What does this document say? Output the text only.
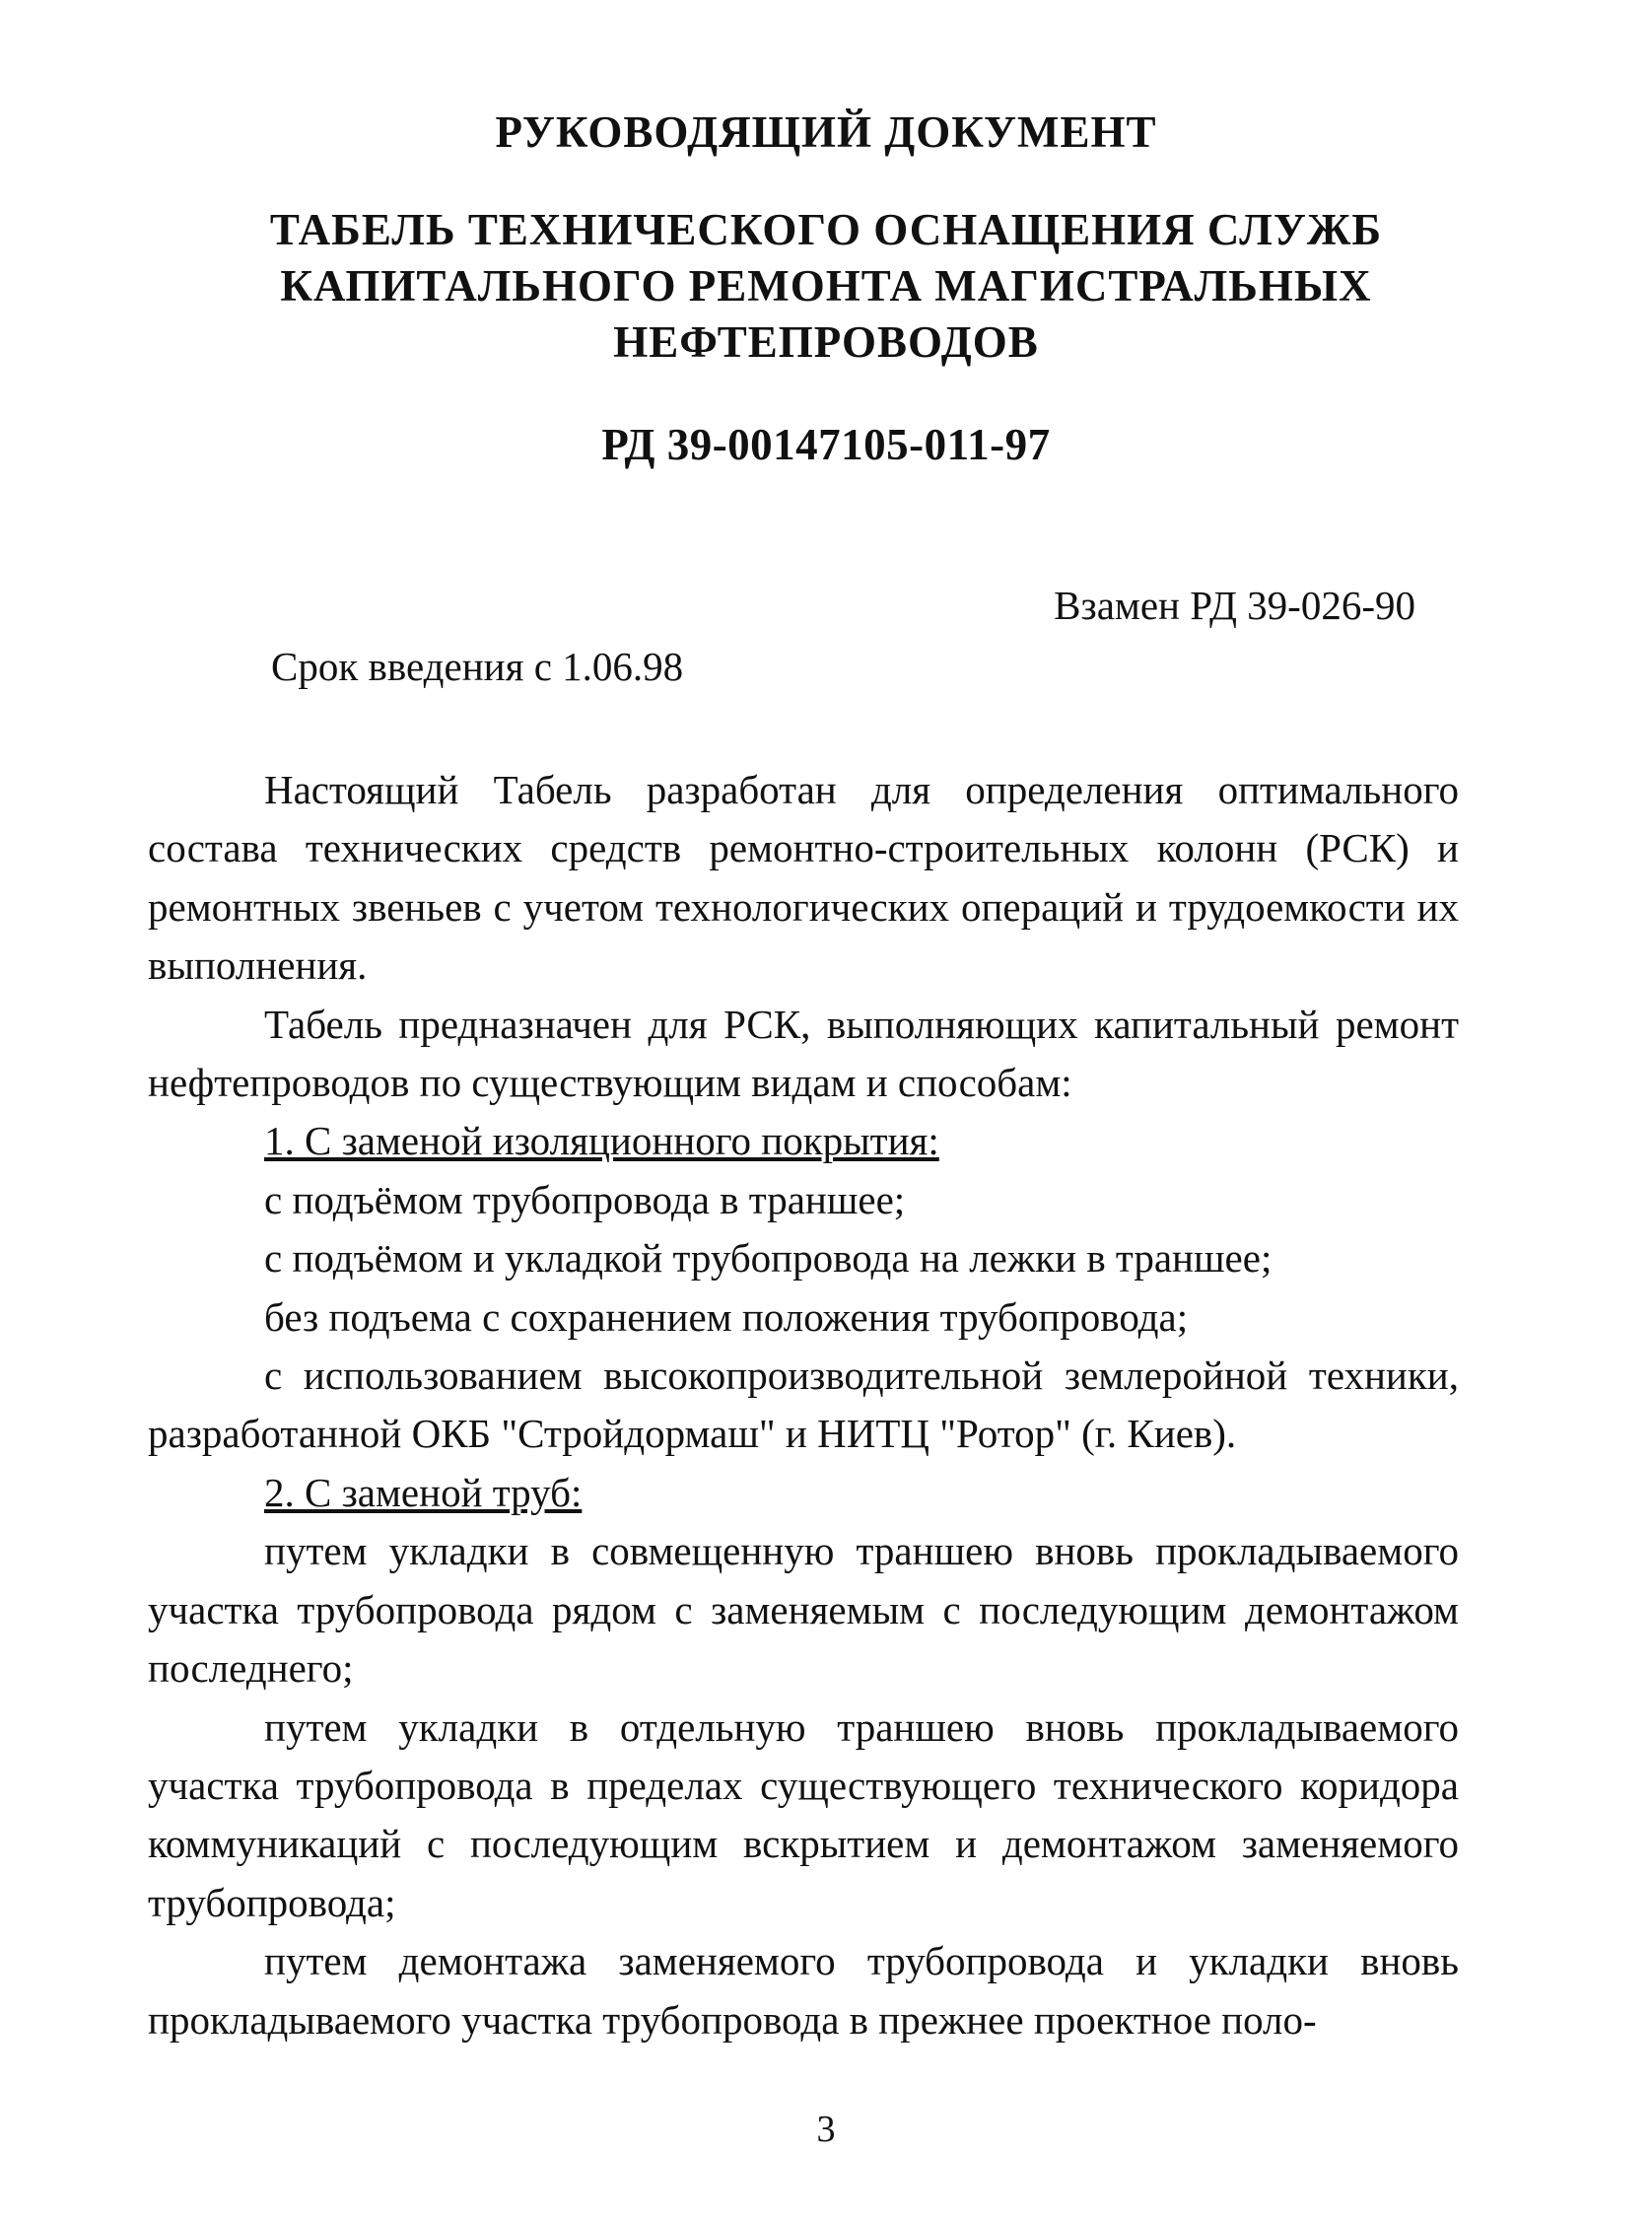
РУКОВОДЯЩИЙ ДОКУМЕНТ
ТАБЕЛЬ ТЕХНИЧЕСКОГО ОСНАЩЕНИЯ СЛУЖБ КАПИТАЛЬНОГО РЕМОНТА МАГИСТРАЛЬНЫХ НЕФТЕПРОВОДОВ
РД 39-00147105-011-97
Взамен РД 39-026-90
Срок введения с 1.06.98

Настоящий Табель разработан для определения оптимального состава технических средств ремонтно-строительных колонн (РСК) и ремонтных звеньев с учетом технологических операций и трудоемкости их выполнения.

Табель предназначен для РСК, выполняющих капитальный ремонт нефтепроводов по существующим видам и способам:

1. С заменой изоляционного покрытия:

с подъёмом трубопровода в траншее;

с подъёмом и укладкой трубопровода на лежки в траншее;

без подъема с сохранением положения трубопровода;

с использованием высокопроизводительной землеройной техники, разработанной ОКБ "Стройдормаш" и НИТЦ "Ротор" (г. Киев).

2. С заменой труб:

путем укладки в совмещенную траншею вновь прокладываемого участка трубопровода рядом с заменяемым с последующим демонтажом последнего;

путем укладки в отдельную траншею вновь прокладываемого участка трубопровода в пределах существующего технического коридора коммуникаций с последующим вскрытием и демонтажом заменяемого трубопровода;

путем демонтажа заменяемого трубопровода и укладки вновь прокладываемого участка трубопровода в прежнее проектное поло-

3
